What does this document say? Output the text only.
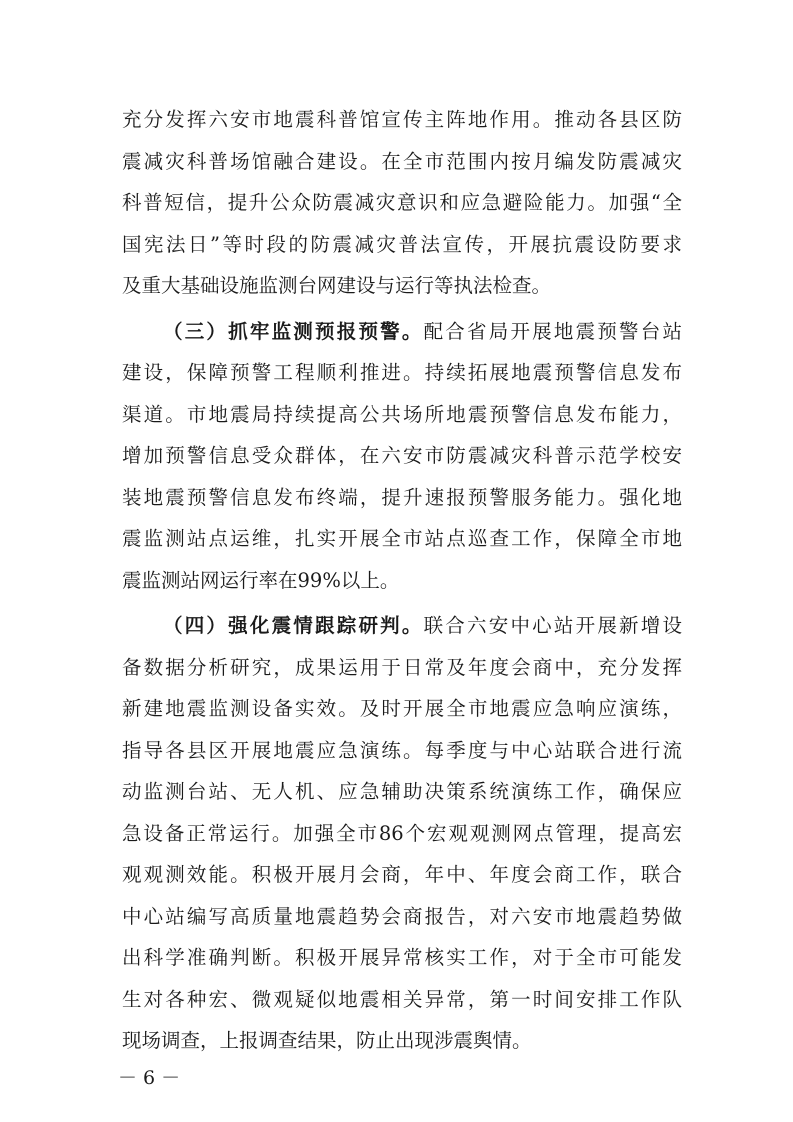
充分发挥六安市地震科普馆宣传主阵地作用。推动各县区防
震减灾科普场馆融合建设。在全市范围内按月编发防震减灾
科普短信，提升公众防震减灾意识和应急避险能力。加强“全
国宪法日”等时段的防震减灾普法宣传，开展抗震设防要求
及重大基础设施监测台网建设与运行等执法检查。
（三）抓牢监测预报预警。配合省局开展地震预警台站
建设，保障预警工程顺利推进。持续拓展地震预警信息发布
渠道。市地震局持续提高公共场所地震预警信息发布能力，
增加预警信息受众群体，在六安市防震减灾科普示范学校安
装地震预警信息发布终端，提升速报预警服务能力。强化地
震监测站点运维，扎实开展全市站点巡查工作，保障全市地
震监测站网运行率在99%以上。
（四）强化震情跟踪研判。联合六安中心站开展新增设
备数据分析研究，成果运用于日常及年度会商中，充分发挥
新建地震监测设备实效。及时开展全市地震应急响应演练，
指导各县区开展地震应急演练。每季度与中心站联合进行流
动监测台站、无人机、应急辅助决策系统演练工作，确保应
急设备正常运行。加强全市86个宏观观测网点管理，提高宏
观观测效能。积极开展月会商，年中、年度会商工作，联合
中心站编写高质量地震趋势会商报告，对六安市地震趋势做
出科学准确判断。积极开展异常核实工作，对于全市可能发
生对各种宏、微观疑似地震相关异常，第一时间安排工作队
现场调查，上报调查结果，防止出现涉震舆情。
－ 6 －
